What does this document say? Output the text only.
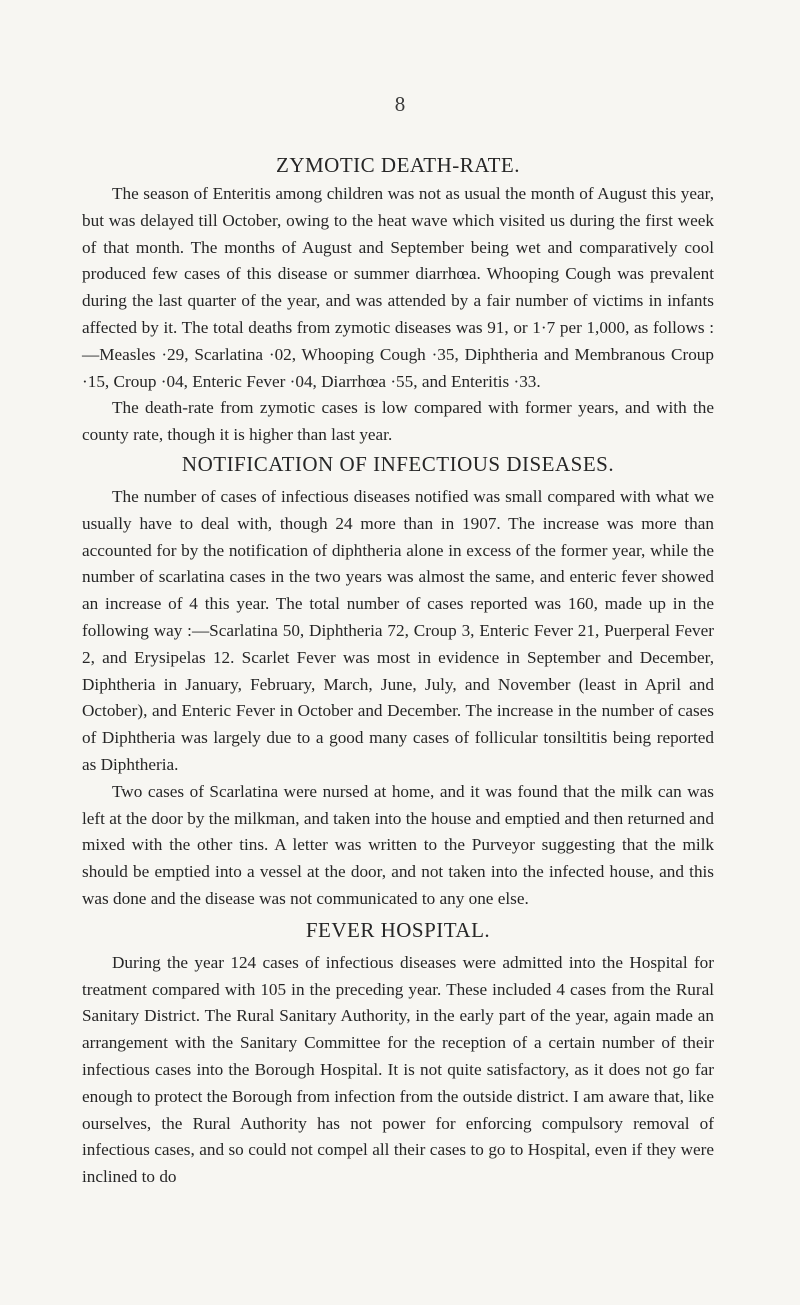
8
ZYMOTIC DEATH-RATE.

The season of Enteritis among children was not as usual the month of August this year, but was delayed till October, owing to the heat wave which visited us during the first week of that month. The months of August and September being wet and comparatively cool produced few cases of this disease or summer diarrhœa. Whooping Cough was prevalent during the last quarter of the year, and was attended by a fair number of victims in infants affected by it. The total deaths from zymotic diseases was 91, or 1·7 per 1,000, as follows :—Measles ·29, Scarlatina ·02, Whooping Cough ·35, Diphtheria and Membranous Croup ·15, Croup ·04, Enteric Fever ·04, Diarrhœa ·55, and Enteritis ·33.

The death-rate from zymotic cases is low compared with former years, and with the county rate, though it is higher than last year.

NOTIFICATION OF INFECTIOUS DISEASES.

The number of cases of infectious diseases notified was small compared with what we usually have to deal with, though 24 more than in 1907. The increase was more than accounted for by the notification of diphtheria alone in excess of the former year, while the number of scarlatina cases in the two years was almost the same, and enteric fever showed an increase of 4 this year. The total number of cases reported was 160, made up in the following way :—Scarlatina 50, Diphtheria 72, Croup 3, Enteric Fever 21, Puerperal Fever 2, and Erysipelas 12. Scarlet Fever was most in evidence in September and December, Diphtheria in January, February, March, June, July, and November (least in April and October), and Enteric Fever in October and December. The increase in the number of cases of Diphtheria was largely due to a good many cases of follicular tonsiltitis being reported as Diphtheria.

Two cases of Scarlatina were nursed at home, and it was found that the milk can was left at the door by the milkman, and taken into the house and emptied and then returned and mixed with the other tins. A letter was written to the Purveyor suggesting that the milk should be emptied into a vessel at the door, and not taken into the infected house, and this was done and the disease was not communicated to any one else.

FEVER HOSPITAL.

During the year 124 cases of infectious diseases were admitted into the Hospital for treatment compared with 105 in the preceding year. These included 4 cases from the Rural Sanitary District. The Rural Sanitary Authority, in the early part of the year, again made an arrangement with the Sanitary Committee for the reception of a certain number of their infectious cases into the Borough Hospital. It is not quite satisfactory, as it does not go far enough to protect the Borough from infection from the outside district. I am aware that, like ourselves, the Rural Authority has not power for enforcing compulsory removal of infectious cases, and so could not compel all their cases to go to Hospital, even if they were inclined to do
